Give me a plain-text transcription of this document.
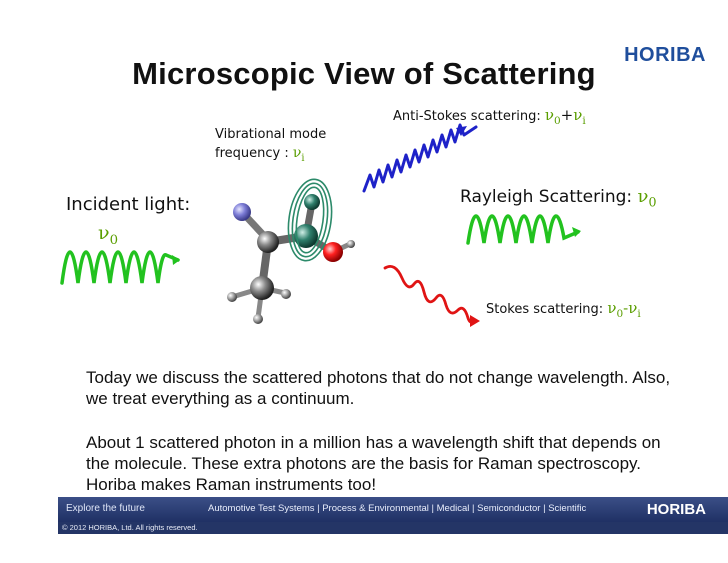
Microscopic View of Scattering
HORIBA
Incident light:
$\nu_0$
Vibrational mode
frequency : $\nu_i$
Anti-Stokes scattering: $\nu_0+\nu_i$
Rayleigh Scattering: $\nu_0$
Stokes scattering: $\nu_0-\nu_i$
Today we discuss the scattered photons that do not change wavelength. Also, we treat everything as a continuum.
About 1 scattered photon in a million has a wavelength shift that depends on the molecule. These extra photons are the basis for Raman spectroscopy. Horiba makes Raman instruments too!
Explore the future	Automotive Test Systems | Process & Environmental | Medical | Semiconductor | Scientific	HORIBA
© 2012 HORIBA, Ltd. All rights reserved.
